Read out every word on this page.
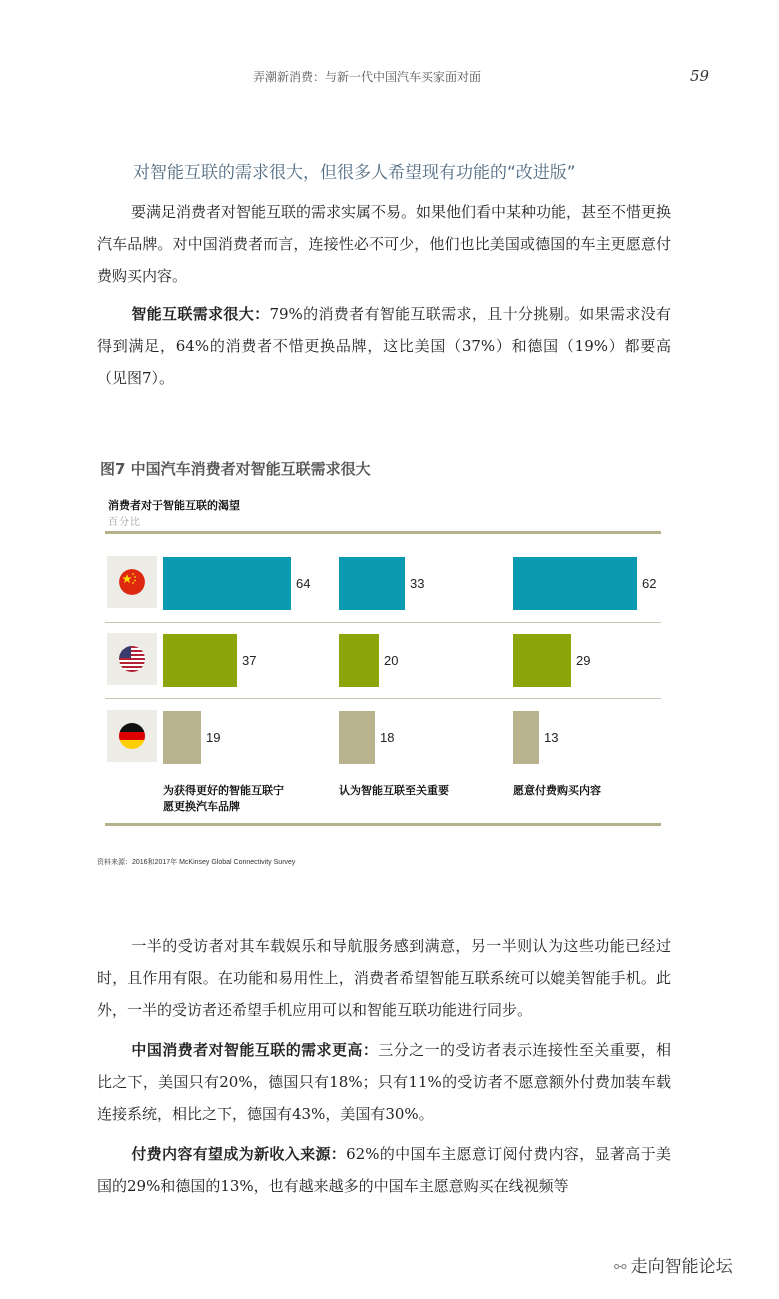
弄潮新消费：与新一代中国汽车买家面对面	59
对智能互联的需求很大，但很多人希望现有功能的“改进版”
要满足消费者对智能互联的需求实属不易。如果他们看中某种功能，甚至不惜更换汽车品牌。对中国消费者而言，连接性必不可少，他们也比美国或德国的车主更愿意付费购买内容。
智能互联需求很大：79%的消费者有智能互联需求，且十分挑剔。如果需求没有得到满足，64%的消费者不惜更换品牌，这比美国（37%）和德国（19%）都要高（见图7）。
图7 中国汽车消费者对智能互联需求很大
消费者对于智能互联的渴望
百分比
64	33	62
37	20	29
19	18	13
为获得更好的智能互联宁
愿更换汽车品牌
认为智能互联至关重要	愿意付费购买内容
资料来源：2016和2017年 McKinsey Global Connectivity Survey
一半的受访者对其车载娱乐和导航服务感到满意，另一半则认为这些功能已经过时，且作用有限。在功能和易用性上，消费者希望智能互联系统可以媲美智能手机。此外，一半的受访者还希望手机应用可以和智能互联功能进行同步。
中国消费者对智能互联的需求更高：三分之一的受访者表示连接性至关重要，相比之下，美国只有20%，德国只有18%；只有11%的受访者不愿意额外付费加装车载连接系统，相比之下，德国有43%，美国有30%。
付费内容有望成为新收入来源：62%的中国车主愿意订阅付费内容，显著高于美国的29%和德国的13%，也有越来越多的中国车主愿意购买在线视频等
⚯ 走向智能论坛
